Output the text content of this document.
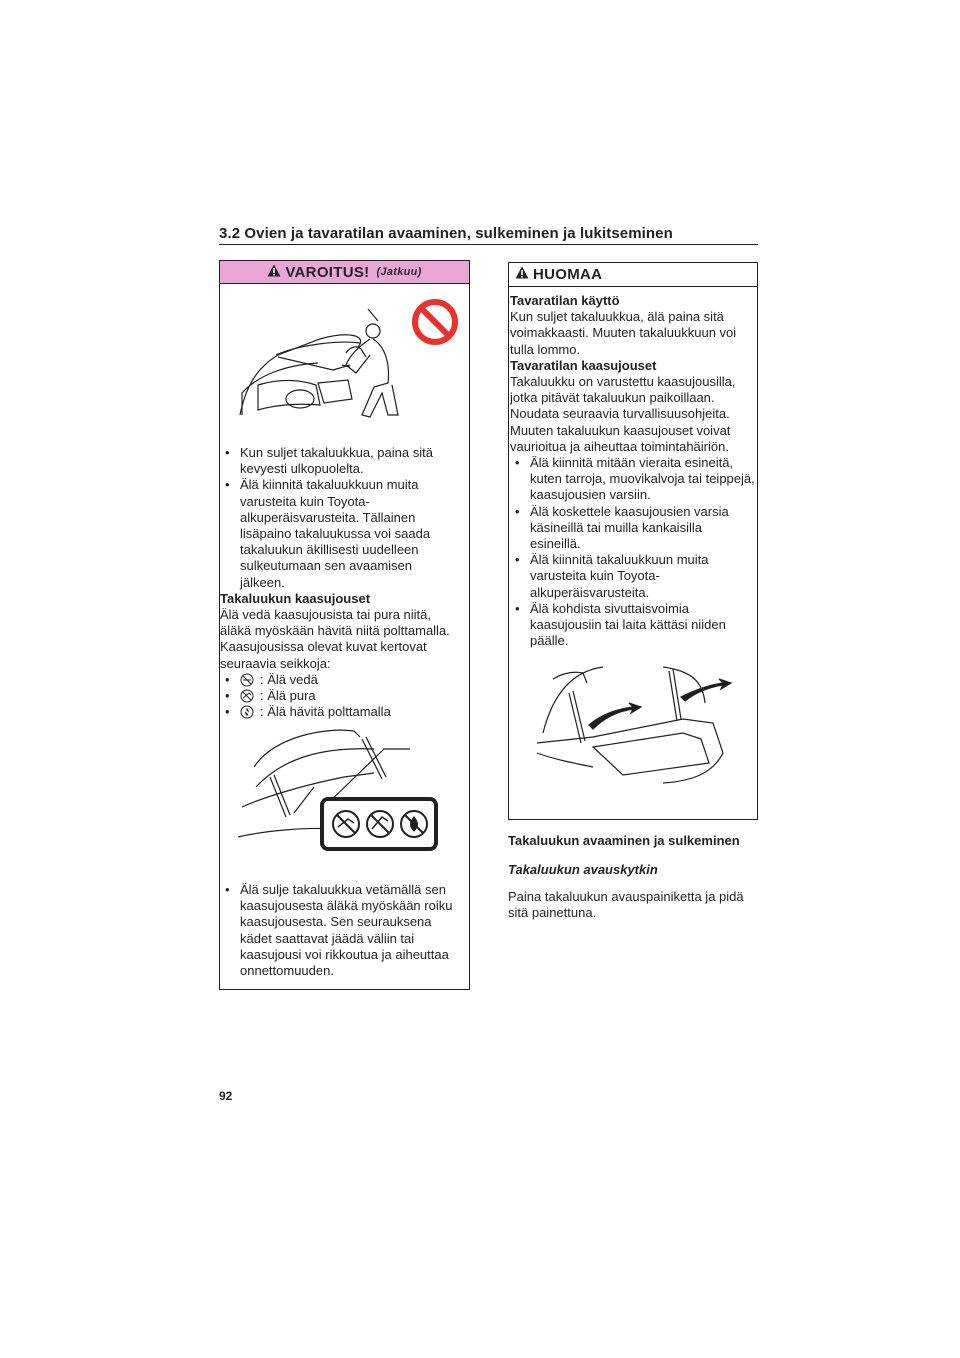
3.2 Ovien ja tavaratilan avaaminen, sulkeminen ja lukitseminen
VAROITUS! (Jatkuu)
• Kun suljet takaluukkua, paina sitä kevyesti ulkopuolelta.
• Älä kiinnitä takaluukkuun muita varusteita kuin Toyota-alkuperäisvarusteita. Tällainen lisäpaino takaluukussa voi saada takaluukun äkillisesti uudelleen sulkeutumaan sen avaamisen jälkeen.
Takaluukun kaasujouset
Älä vedä kaasujousista tai pura niitä, äläkä myöskään hävitä niitä polttamalla. Kaasujousissa olevat kuvat kertovat seuraavia seikkoja:
• : Älä vedä
• : Älä pura
• : Älä hävitä polttamalla
• Älä sulje takaluukkua vetämällä sen kaasujousesta äläkä myöskään roiku kaasujousesta. Sen seurauksena kädet saattavat jäädä väliin tai kaasujousi voi rikkoutua ja aiheuttaa onnettomuuden.
HUOMAA
Tavaratilan käyttö
Kun suljet takaluukkua, älä paina sitä voimakkaasti. Muuten takaluukkuun voi tulla lommo.
Tavaratilan kaasujouset
Takaluukku on varustettu kaasujousilla, jotka pitävät takaluukun paikoillaan. Noudata seuraavia turvallisuusohjeita. Muuten takaluukun kaasujouset voivat vaurioitua ja aiheuttaa toimintahäiriön.
• Älä kiinnitä mitään vieraita esineitä, kuten tarroja, muovikalvoja tai teippejä, kaasujousien varsiin.
• Älä koskettele kaasujousien varsia käsineillä tai muilla kankaisilla esineillä.
• Älä kiinnitä takaluukkuun muita varusteita kuin Toyota-alkuperäisvarusteita.
• Älä kohdista sivuttaisvoimia kaasujousiin tai laita kättäsi niiden päälle.
Takaluukun avaaminen ja sulkeminen
Takaluukun avauskytkin
Paina takaluukun avauspainiketta ja pidä sitä painettuna.
92
